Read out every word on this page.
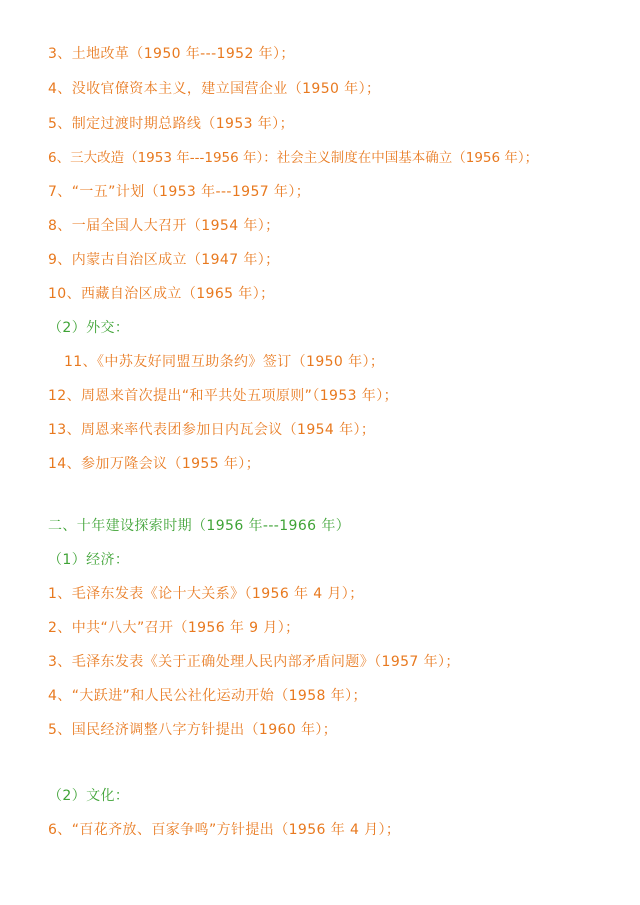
3、土地改革（1950 年---1952 年）；
4、没收官僚资本主义，建立国营企业（1950 年）；
5、制定过渡时期总路线（1953 年）；
6、三大改造（1953 年---1956 年）：社会主义制度在中国基本确立（1956 年）；
7、“一五”计划（1953 年---1957 年）；
8、一届全国人大召开（1954 年）；
9、内蒙古自治区成立（1947 年）；
10、西藏自治区成立（1965 年）；
（2）外交：
11、《中苏友好同盟互助条约》签订（1950 年）；
12、周恩来首次提出“和平共处五项原则”（1953 年）；
13、周恩来率代表团参加日内瓦会议（1954 年）；
14、参加万隆会议（1955 年）；
二、十年建设探索时期（1956 年---1966 年）
（1）经济：
1、毛泽东发表《论十大关系》（1956 年 4 月）；
2、中共“八大”召开（1956 年 9 月）；
3、毛泽东发表《关于正确处理人民内部矛盾问题》（1957 年）；
4、“大跃进”和人民公社化运动开始（1958 年）；
5、国民经济调整八字方针提出（1960 年）；
（2）文化：
6、“百花齐放、百家争鸣”方针提出（1956 年 4 月）；
